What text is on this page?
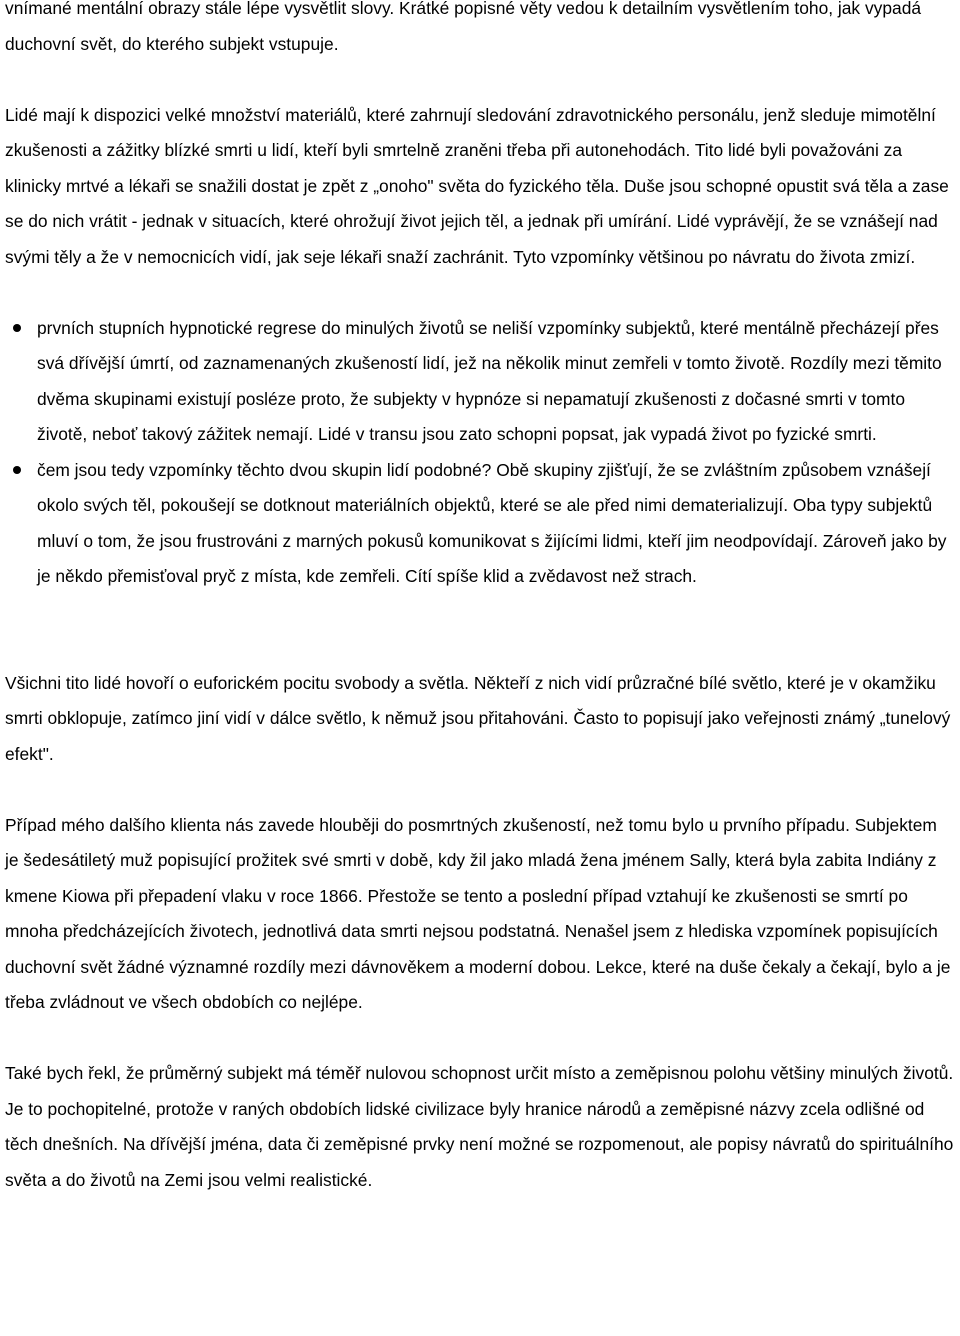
vnímané mentální obrazy stále lépe vysvětlit slovy. Krátké popisné věty vedou k detailním vysvětlením toho, jak vypadá duchovní svět, do kterého subjekt vstupuje.

Lidé mají k dispozici velké množství materiálů, které zahrnují sledování zdravotnického personálu, jenž sleduje mimotělní zkušenosti a zážitky blízké smrti u lidí, kteří byli smrtelně zraněni třeba při autonehodách. Tito lidé byli považováni za klinicky mrtvé a lékaři se snažili dostat je zpět z „onoho" světa do fyzického těla. Duše jsou schopné opustit svá těla a zase se do nich vrátit - jednak v situacích, které ohrožují život jejich těl, a jednak při umírání. Lidé vyprávějí, že se vznášejí nad svými těly a že v nemocnicích vidí, jak seje lékaři snaží zachránit. Tyto vzpomínky většinou po návratu do života zmizí.

prvních stupních hypnotické regrese do minulých životů se neliší vzpomínky subjektů, které mentálně přecházejí přes svá dřívější úmrtí, od zaznamenaných zkušeností lidí, jež na několik minut zemřeli v tomto životě. Rozdíly mezi těmito dvěma skupinami existují posléze proto, že subjekty v hypnóze si nepamatují zkušenosti z dočasné smrti v tomto životě, neboť takový zážitek nemají. Lidé v transu jsou zato schopni popsat, jak vypadá život po fyzické smrti.
čem jsou tedy vzpomínky těchto dvou skupin lidí podobné? Obě skupiny zjišťují, že se zvláštním způsobem vznášejí okolo svých těl, pokoušejí se dotknout materiálních objektů, které se ale před nimi dematerializují. Oba typy subjektů mluví o tom, že jsou frustrováni z marných pokusů komunikovat s žijícími lidmi, kteří jim neodpovídají. Zároveň jako by je někdo přemisťoval pryč z místa, kde zemřeli. Cítí spíše klid a zvědavost než strach.

Všichni tito lidé hovoří o euforickém pocitu svobody a světla. Někteří z nich vidí průzračné bílé světlo, které je v okamžiku smrti obklopuje, zatímco jiní vidí v dálce světlo, k němuž jsou přitahováni. Často to popisují jako veřejnosti známý „tunelový efekt".

Případ mého dalšího klienta nás zavede hlouběji do posmrtných zkušeností, než tomu bylo u prvního případu. Subjektem je šedesátiletý muž popisující prožitek své smrti v době, kdy žil jako mladá žena jménem Sally, která byla zabita Indiány z kmene Kiowa při přepadení vlaku v roce 1866. Přestože se tento a poslední případ vztahují ke zkušenosti se smrtí po mnoha předcházejících životech, jednotlivá data smrti nejsou podstatná. Nenašel jsem z hlediska vzpomínek popisujících duchovní svět žádné významné rozdíly mezi dávnověkem a moderní dobou. Lekce, které na duše čekaly a čekají, bylo a je třeba zvládnout ve všech obdobích co nejlépe.

Také bych řekl, že průměrný subjekt má téměř nulovou schopnost určit místo a zeměpisnou polohu většiny minulých životů. Je to pochopitelné, protože v raných obdobích lidské civilizace byly hranice národů a zeměpisné názvy zcela odlišné od těch dnešních. Na dřívější jména, data či zeměpisné prvky není možné se rozpomenout, ale popisy návratů do spirituálního světa a do životů na Zemi jsou velmi realistické.
